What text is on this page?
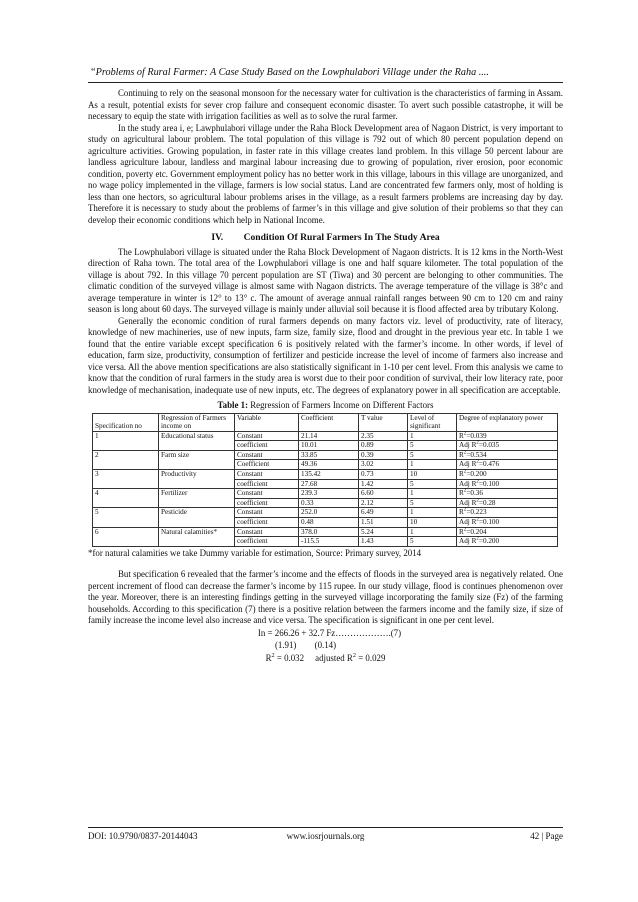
“Problems of Rural Farmer: A Case Study Based on the Lowphulabori Village under the Raha ....

Continuing to rely on the seasonal monsoon for the necessary water for cultivation is the characteristics of farming in Assam. As a result, potential exists for sever crop failure and consequent economic disaster. To avert such possible catastrophe, it will be necessary to equip the state with irrigation facilities as well as to solve the rural farmer.

In the study area i, e; Lawphulabori village under the Raha Block Development area of Nagaon District, is very important to study on agricultural labour problem. The total population of this village is 792 out of which 80 percent population depend on agriculture activities. Growing population, in faster rate in this village creates land problem. In this village 50 percent labour are landless agriculture labour, landless and marginal labour increasing due to growing of population, river erosion, poor economic condition, poverty etc. Government employment policy has no better work in this village, labours in this village are unorganized, and no wage policy implemented in the village, farmers is low social status. Land are concentrated few farmers only, most of holding is less than one hectors, so agricultural labour problems arises in the village, as a result farmers problems are increasing day by day. Therefore it is necessary to study about the problems of farmer’s in this village and give solution of their problems so that they can develop their economic conditions which help in National Income.

IV. Condition Of Rural Farmers In The Study Area

The Lowphulabori village is situated under the Raha Block Development of Nagaon districts. It is 12 kms in the North-West direction of Raha town. The total area of the Lowphulabori village is one and half square kilometer. The total population of the village is about 792. In this village 70 percent population are ST (Tiwa) and 30 percent are belonging to other communities. The climatic condition of the surveyed village is almost same with Nagaon districts. The average temperature of the village is 38°c and average temperature in winter is 12° to 13° c. The amount of average annual rainfall ranges between 90 cm to 120 cm and rainy season is long about 60 days. The surveyed village is mainly under alluvial soil because it is flood affected area by tributary Kolong.

Generally the economic condition of rural farmers depends on many factors viz. level of productivity, rate of literacy, knowledge of new machineries, use of new inputs, farm size, family size, flood and drought in the previous year etc. In table 1 we found that the entire variable except specification 6 is positively related with the farmer’s income. In other words, if level of education, farm size, productivity, consumption of fertilizer and pesticide increase the level of income of farmers also increase and vice versa. All the above mention specifications are also statistically significant in 1-10 per cent level. From this analysis we came to know that the condition of rural farmers in the study area is worst due to their poor condition of survival, their low literacy rate, poor knowledge of mechanisation, inadequate use of new inputs, etc. The degrees of explanatory power in all specification are acceptable.

Table 1: Regression of Farmers Income on Different Factors
Specification no	Regression of Farmers income on	Variable	Coefficient	T value	Level of significant	Degree of explanatory power
1	Educational status	Constant	21.14	2.35	1	$R^2=0.039$
		coefficient	10.01	0.89	5	Adj $R^2=0.035$
2	Farm size	Constant	33.85	0.39	5	$R^2=0.534$
		Coefficient	49.36	3.02	1	Adj $R^2=0.476$
3	Productivity	Constant	135.42	0.73	10	$R^2=0.200$
		coefficient	27.68	1.42	5	Adj $R^2=0.100$
4	Fertilizer	Constant	239.3	6.60	1	$R^2=0.36$
		coefficient	0.33	2.12	5	Adj $R^2=0.28$
5	Pesticide	Constant	252.0	6.49	1	$R^2=0.223$
		coefficient	0.48	1.51	10	Adj $R^2=0.100$
6	Natural calamities*	Constant	378.0	5.24	1	$R^2=0.204$
		coefficient	-115.5	1.43	5	Adj $R^2=0.200$
*for natural calamities we take Dummy variable for estimation, Source: Primary survey, 2014

But specification 6 revealed that the farmer’s income and the effects of floods in the surveyed area is negatively related. One percent increment of flood can decrease the farmer’s income by 115 rupee. In our study village, flood is continues phenomenon over the year. Moreover, there is an interesting findings getting in the surveyed village incorporating the family size (Fz) of the farming households. According to this specification (7) there is a positive relation between the farmers income and the family size, if size of family increase the income level also increase and vice versa. The specification is significant in one per cent level.

In = 266.26 + 32.7 Fz……………….(7)
(1.91) (0.14)
$R^2 = 0.032$ adjusted $R^2 = 0.029$
DOI: 10.9790/0837-20144043	www.iosrjournals.org	42 | Page
